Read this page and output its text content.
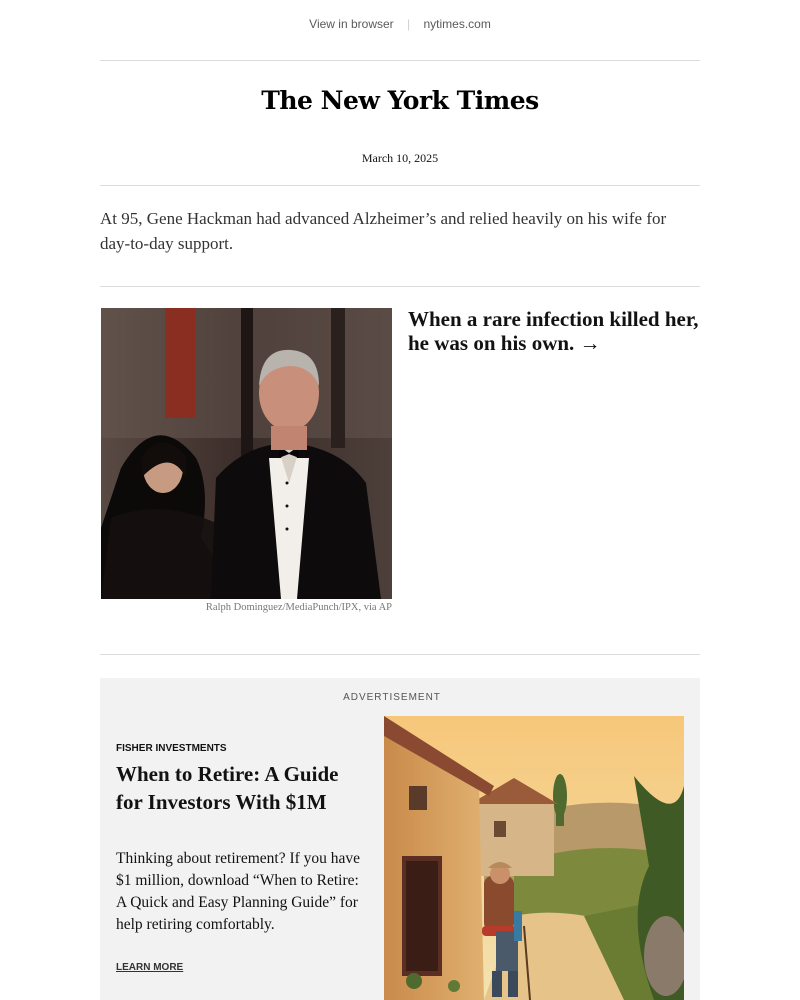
View in browser | nytimes.com
The New York Times
March 10, 2025
At 95, Gene Hackman had advanced Alzheimer’s and relied heavily on his wife for day-to-day support.
Ralph Dominguez/MediaPunch/IPX, via AP
When a rare infection killed her, he was on his own. →
ADVERTISEMENT
FISHER INVESTMENTS
When to Retire: A Guide for Investors With $1M
Thinking about retirement? If you have $1 million, download “When to Retire: A Quick and Easy Planning Guide” for help retiring comfortably.
LEARN MORE
